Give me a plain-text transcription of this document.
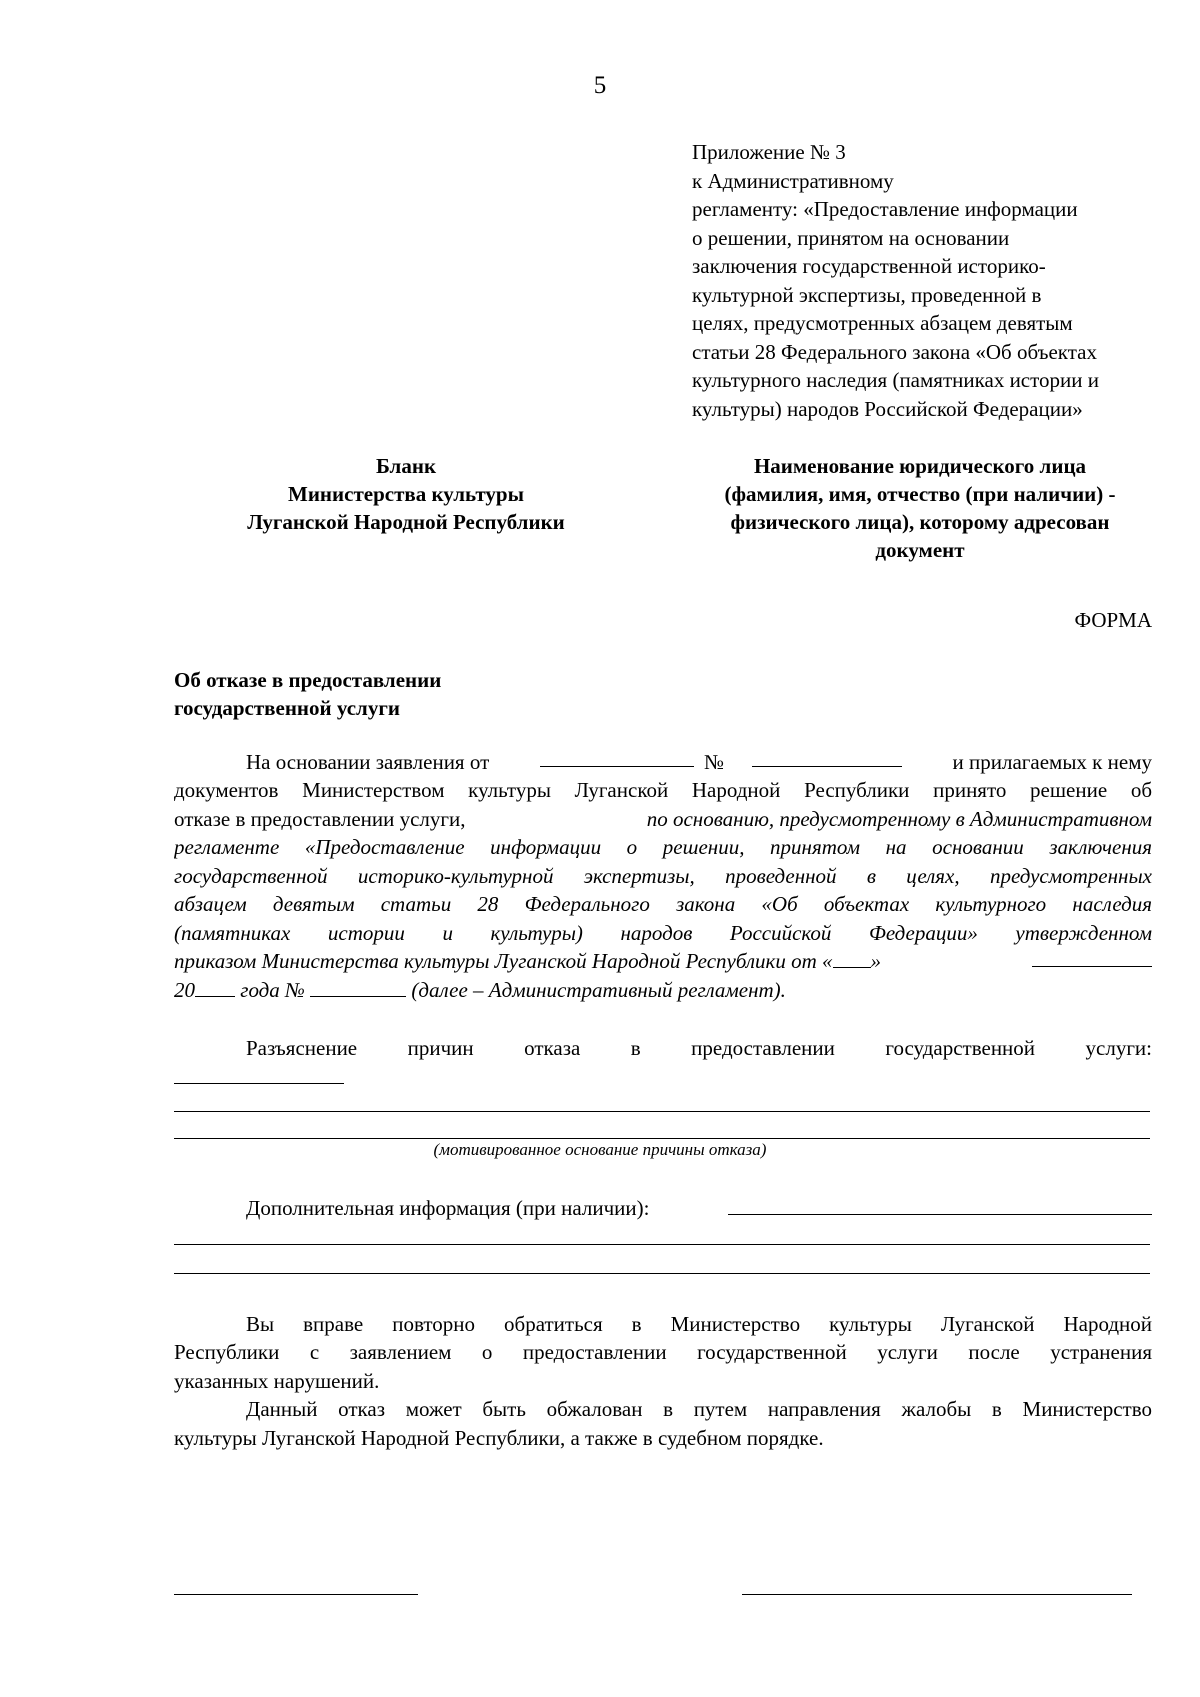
5
Приложение № 3
к Административному
регламенту: «Предоставление информации
о решении, принятом на основании
заключения государственной историко-
культурной экспертизы, проведенной в
целях, предусмотренных абзацем девятым
статьи 28 Федерального закона «Об объектах
культурного наследия (памятниках истории и
культуры) народов Российской Федерации»
Бланк
Министерства культуры
Луганской Народной Республики
Наименование юридического лица
(фамилия, имя, отчество (при наличии) -
физического лица), которому адресован
документ
ФОРМА
Об отказе в предоставлении
государственной услуги
На основании заявления от	№	и прилагаемых к нему
документов Министерством культуры Луганской Народной Республики принято решение об
отказе в предоставлении услуги,	по основанию, предусмотренному в Административном
регламенте «Предоставление информации о решении, принятом на основании заключения
государственной историко-культурной экспертизы, проведенной в целях, предусмотренных
абзацем девятым статьи 28 Федерального закона «Об объектах культурного наследия
(памятниках истории и культуры) народов Российской Федерации» утвержденном
приказом Министерства культуры Луганской Народной Республики от « »
20 года №	(далее – Административный регламент).
Разъяснение причин отказа в предоставлении государственной услуги:
(мотивированное основание причины отказа)
Дополнительная информация (при наличии):
Вы вправе повторно обратиться в Министерство культуры Луганской Народной
Республики с заявлением о предоставлении государственной услуги после устранения
указанных нарушений.
Данный отказ может быть обжалован в путем направления жалобы в Министерство
культуры Луганской Народной Республики, а также в судебном порядке.
